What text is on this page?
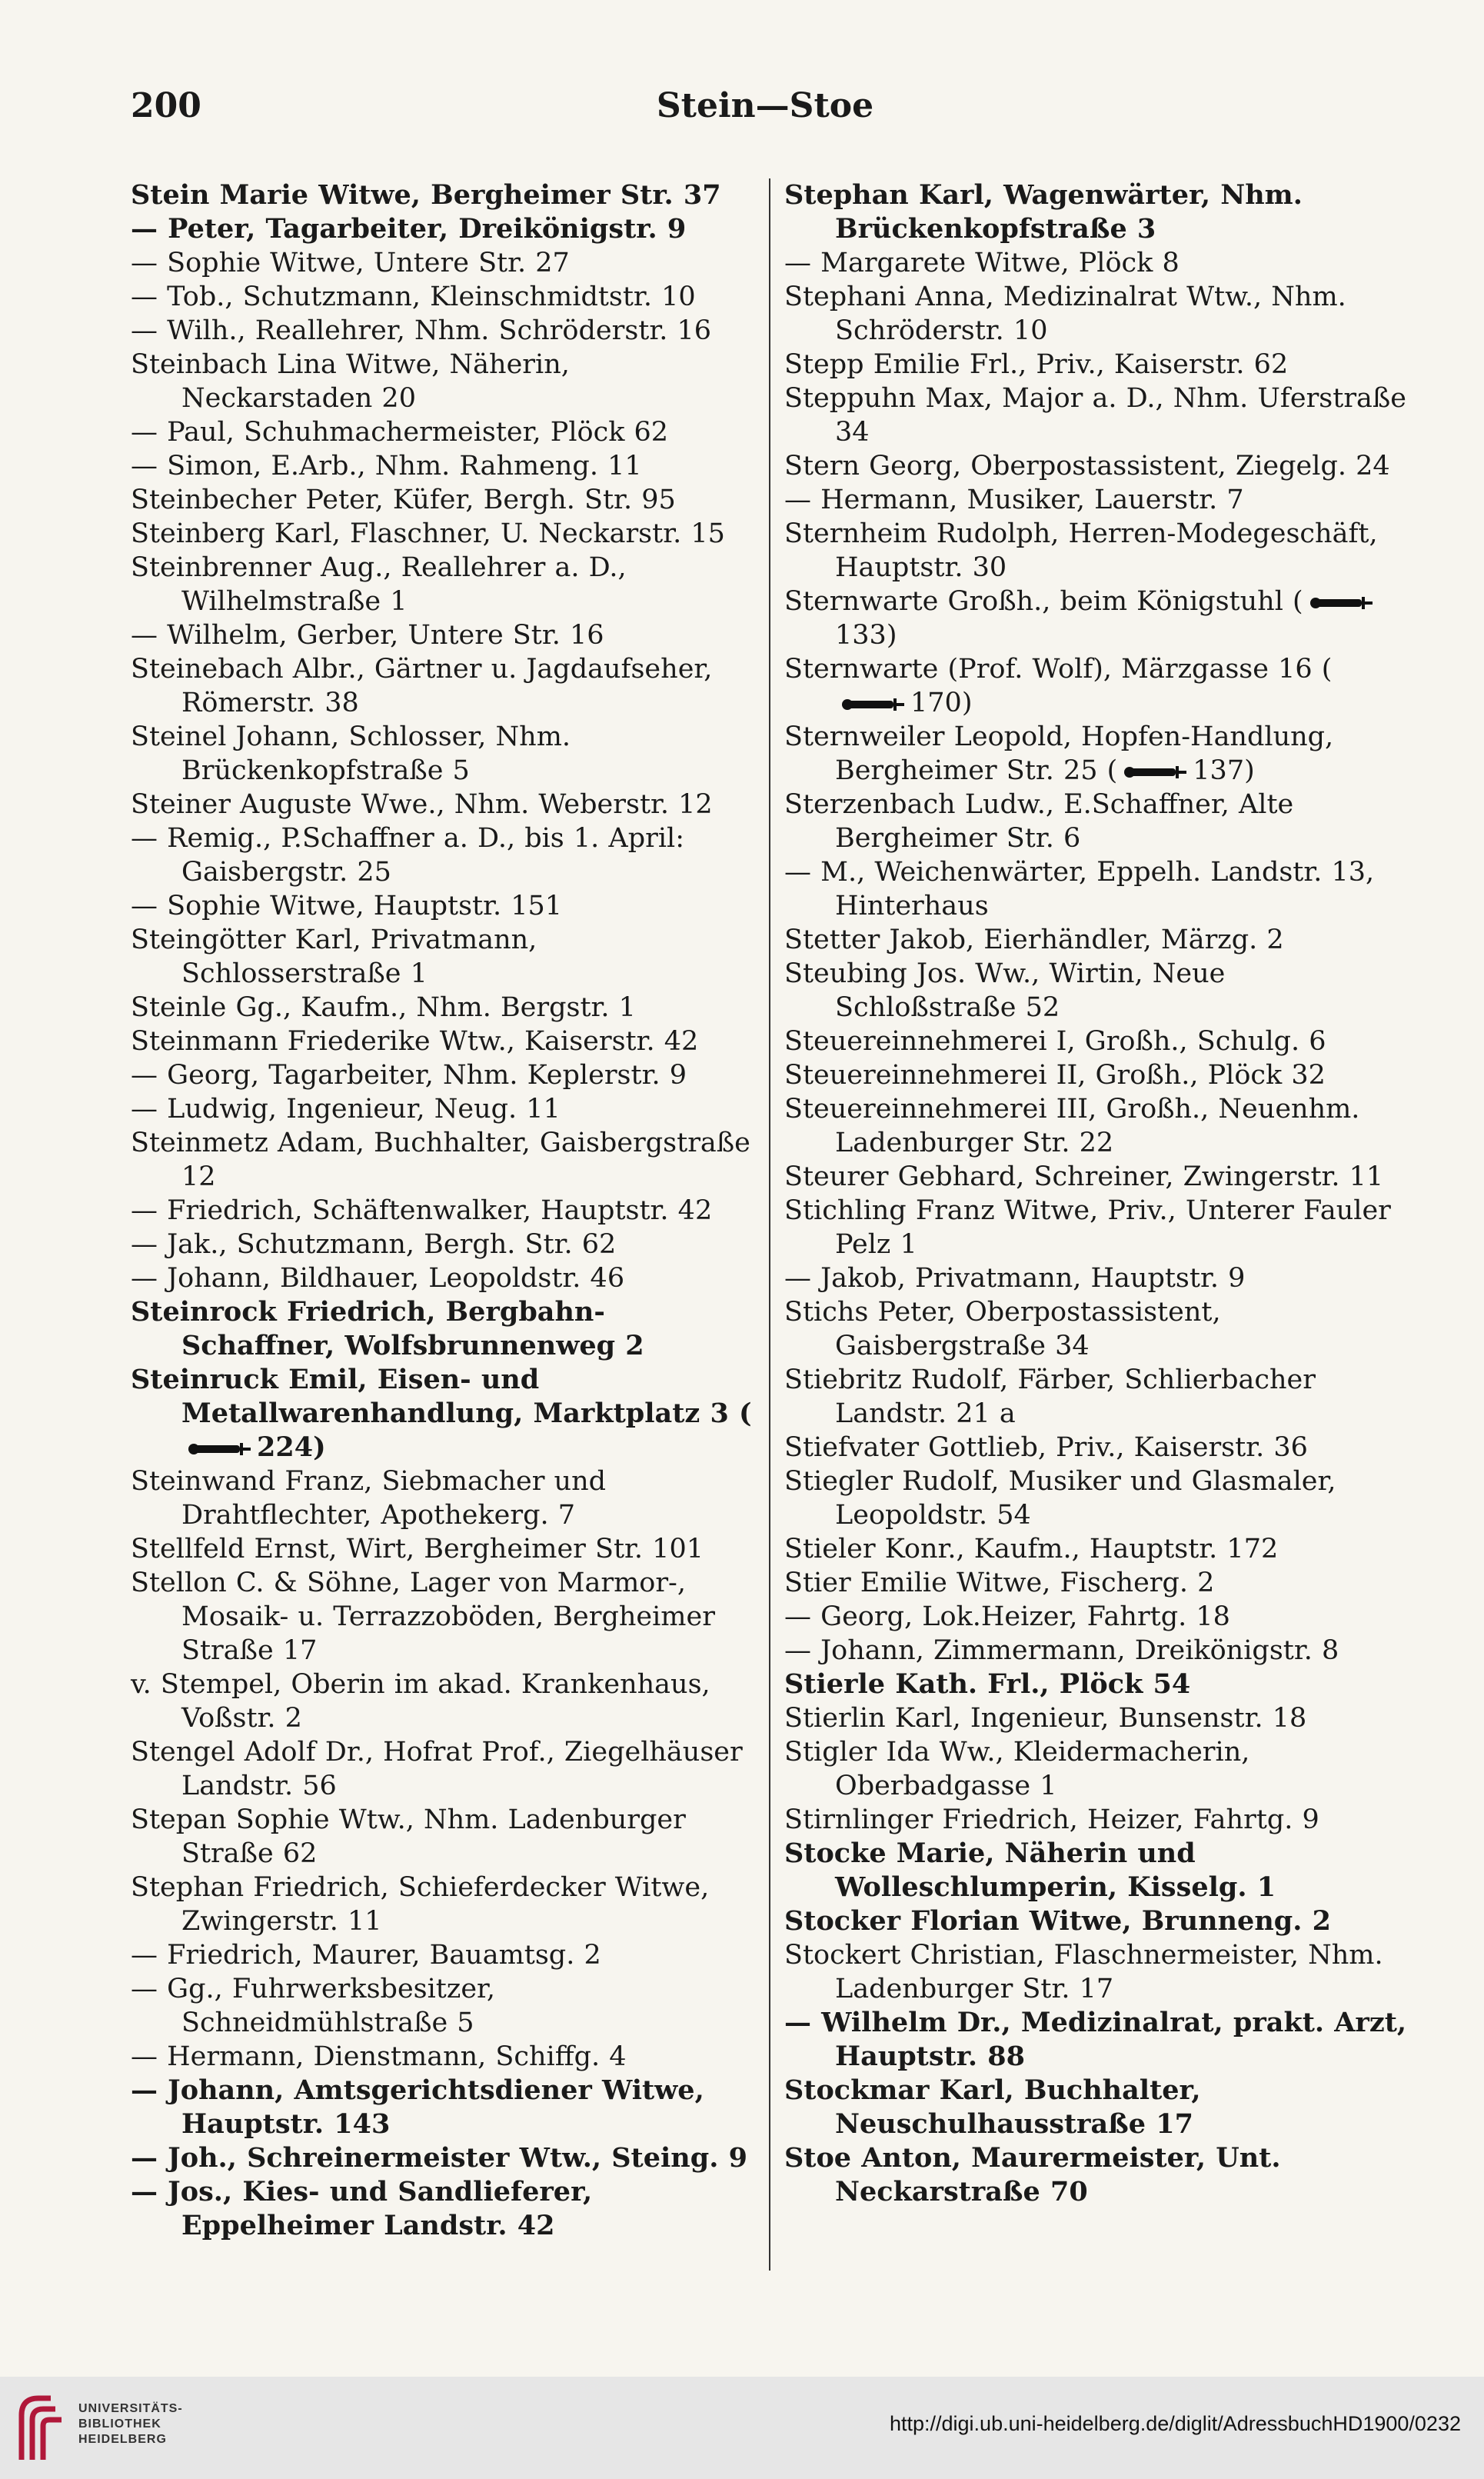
200	Stein—Stoe

Stein Marie Witwe, Bergheimer Str. 37

— Peter, Tagarbeiter, Dreikönigstr. 9

— Sophie Witwe, Untere Str. 27

— Tob., Schutzmann, Kleinschmidtstr. 10

— Wilh., Reallehrer, Nhm. Schröderstr. 16

Steinbach Lina Witwe, Näherin, Neckarstaden 20

— Paul, Schuhmachermeister, Plöck 62

— Simon, E.Arb., Nhm. Rahmeng. 11

Steinbecher Peter, Küfer, Bergh. Str. 95

Steinberg Karl, Flaschner, U. Neckarstr. 15

Steinbrenner Aug., Reallehrer a. D., Wilhelmstraße 1

— Wilhelm, Gerber, Untere Str. 16

Steinebach Albr., Gärtner u. Jagdaufseher, Römerstr. 38

Steinel Johann, Schlosser, Nhm. Brückenkopfstraße 5

Steiner Auguste Wwe., Nhm. Weberstr. 12

— Remig., P.Schaffner a. D., bis 1. April: Gaisbergstr. 25

— Sophie Witwe, Hauptstr. 151

Steingötter Karl, Privatmann, Schlosserstraße 1

Steinle Gg., Kaufm., Nhm. Bergstr. 1

Steinmann Friederike Wtw., Kaiserstr. 42

— Georg, Tagarbeiter, Nhm. Keplerstr. 9

— Ludwig, Ingenieur, Neug. 11

Steinmetz Adam, Buchhalter, Gaisbergstraße 12

— Friedrich, Schäftenwalker, Hauptstr. 42

— Jak., Schutzmann, Bergh. Str. 62

— Johann, Bildhauer, Leopoldstr. 46

Steinrock Friedrich, Bergbahn-Schaffner, Wolfsbrunnenweg 2

Steinruck Emil, Eisen- und Metallwarenhandlung, Marktplatz 3 (224)

Steinwand Franz, Siebmacher und Drahtflechter, Apothekerg. 7

Stellfeld Ernst, Wirt, Bergheimer Str. 101

Stellon C. & Söhne, Lager von Marmor-, Mosaik- u. Terrazzoböden, Bergheimer Straße 17

v. Stempel, Oberin im akad. Krankenhaus, Voßstr. 2

Stengel Adolf Dr., Hofrat Prof., Ziegelhäuser Landstr. 56

Stepan Sophie Wtw., Nhm. Ladenburger Straße 62

Stephan Friedrich, Schieferdecker Witwe, Zwingerstr. 11

— Friedrich, Maurer, Bauamtsg. 2

— Gg., Fuhrwerksbesitzer, Schneidmühlstraße 5

— Hermann, Dienstmann, Schiffg. 4

— Johann, Amtsgerichtsdiener Witwe, Hauptstr. 143

— Joh., Schreinermeister Wtw., Steing. 9

— Jos., Kies- und Sandlieferer, Eppelheimer Landstr. 42

Stephan Karl, Wagenwärter, Nhm. Brückenkopfstraße 3

— Margarete Witwe, Plöck 8

Stephani Anna, Medizinalrat Wtw., Nhm. Schröderstr. 10

Stepp Emilie Frl., Priv., Kaiserstr. 62

Steppuhn Max, Major a. D., Nhm. Uferstraße 34

Stern Georg, Oberpostassistent, Ziegelg. 24

— Hermann, Musiker, Lauerstr. 7

Sternheim Rudolph, Herren-Modegeschäft, Hauptstr. 30

Sternwarte Großh., beim Königstuhl (133)

Sternwarte (Prof. Wolf), Märzgasse 16 (170)

Sternweiler Leopold, Hopfen-Handlung, Bergheimer Str. 25 (	137)

Sterzenbach Ludw., E.Schaffner, Alte Bergheimer Str. 6

— M., Weichenwärter, Eppelh. Landstr. 13, Hinterhaus

Stetter Jakob, Eierhändler, Märzg. 2

Steubing Jos. Ww., Wirtin, Neue Schloßstraße 52

Steuereinnehmerei I, Großh., Schulg. 6

Steuereinnehmerei II, Großh., Plöck 32

Steuereinnehmerei III, Großh., Neuenhm. Ladenburger Str. 22

Steurer Gebhard, Schreiner, Zwingerstr. 11

Stichling Franz Witwe, Priv., Unterer Fauler Pelz 1

— Jakob, Privatmann, Hauptstr. 9

Stichs Peter, Oberpostassistent, Gaisbergstraße 34

Stiebritz Rudolf, Färber, Schlierbacher Landstr. 21 a

Stiefvater Gottlieb, Priv., Kaiserstr. 36

Stiegler Rudolf, Musiker und Glasmaler, Leopoldstr. 54

Stieler Konr., Kaufm., Hauptstr. 172

Stier Emilie Witwe, Fischerg. 2

— Georg, Lok.Heizer, Fahrtg. 18

— Johann, Zimmermann, Dreikönigstr. 8

Stierle Kath. Frl., Plöck 54

Stierlin Karl, Ingenieur, Bunsenstr. 18

Stigler Ida Ww., Kleidermacherin, Oberbadgasse 1

Stirnlinger Friedrich, Heizer, Fahrtg. 9

Stocke Marie, Näherin und Wolleschlumperin, Kisselg. 1

Stocker Florian Witwe, Brunneng. 2

Stockert Christian, Flaschnermeister, Nhm. Ladenburger Str. 17

— Wilhelm Dr., Medizinalrat, prakt. Arzt, Hauptstr. 88

Stockmar Karl, Buchhalter, Neuschulhausstraße 17

Stoe Anton, Maurermeister, Unt. Neckarstraße 70

UNIVERSITÄTS-
BIBLIOTHEK
HEIDELBERG
http://digi.ub.uni-heidelberg.de/diglit/AdressbuchHD1900/0232
